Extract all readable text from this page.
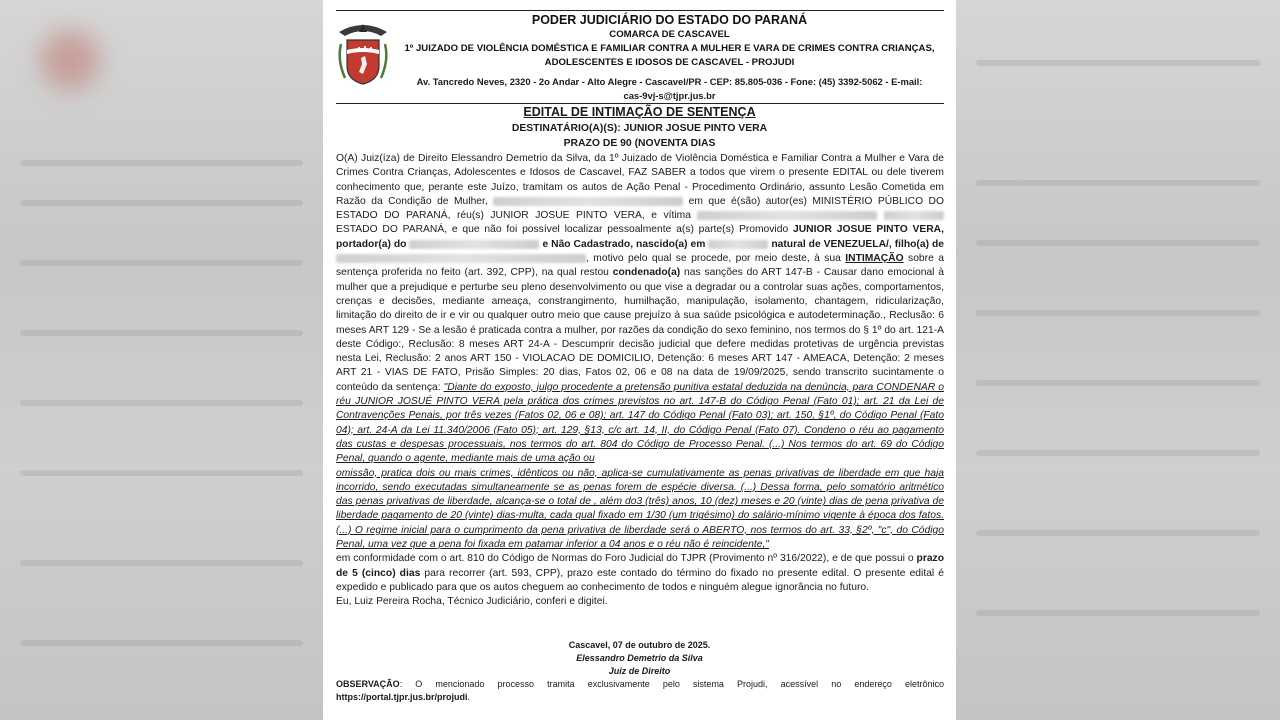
PODER JUDICIÁRIO DO ESTADO DO PARANÁ
COMARCA DE CASCAVEL
1º JUIZADO DE VIOLÊNCIA DOMÉSTICA E FAMILIAR CONTRA A MULHER E VARA DE CRIMES CONTRA CRIANÇAS,
ADOLESCENTES E IDOSOS DE CASCAVEL - PROJUDI
Av. Tancredo Neves, 2320 - 2o Andar - Alto Alegre - Cascavel/PR - CEP: 85.805-036 - Fone: (45) 3392-5062 - E-mail:
cas-9vj-s@tjpr.jus.br
EDITAL DE INTIMAÇÃO DE SENTENÇA
DESTINATÁRIO(A)(S): JUNIOR JOSUE PINTO VERA
PRAZO DE 90 (NOVENTA DIAS

O(A) Juiz(íza) de Direito Elessandro Demetrio da Silva, da 1º Juizado de Violência Doméstica e Familiar Contra a Mulher e Vara de Crimes Contra Crianças, Adolescentes e Idosos de Cascavel, FAZ SABER a todos que virem o presente EDITAL ou dele tiverem conhecimento que, perante este Juízo, tramitam os autos de Ação Penal - Procedimento Ordinário, assunto Lesão Cometida em Razão da Condição de Mulher,	em que é(são) autor(es) MINISTÉRIO PÚBLICO DO ESTADO DO PARANÁ, réu(s) JUNIOR JOSUE PINTO VERA, e vítima   ESTADO DO PARANÁ, e que não foi possível localizar pessoalmente a(s) parte(s) Promovido JUNIOR JOSUE PINTO VERA, portador(a) do	e Não Cadastrado, nascido(a) em	natural de VENEZUELA/, filho(a) de , motivo pelo qual se procede, por meio deste, à sua INTIMAÇÃO sobre a sentença proferida no feito (art. 392, CPP), na qual restou condenado(a) nas sanções do ART 147-B - Causar dano emocional à mulher que a prejudique e perturbe seu pleno desenvolvimento ou que vise a degradar ou a controlar suas ações, comportamentos, crenças e decisões, mediante ameaça, constrangimento, humilhação, manipulação, isolamento, chantagem, ridicularização, limitação do direito de ir e vir ou qualquer outro meio que cause prejuízo à sua saúde psicológica e autodeterminação., Reclusão: 6 meses ART 129 - Se a lesão é praticada contra a mulher, por razões da condição do sexo feminino, nos termos do § 1º do art. 121-A deste Código:, Reclusão: 8 meses ART 24-A - Descumprir decisão judicial que defere medidas protetivas de urgência previstas nesta Lei, Reclusão: 2 anos ART 150 - VIOLACAO DE DOMICILIO, Detenção: 6 meses ART 147 - AMEACA, Detenção: 2 meses ART 21 - VIAS DE FATO, Prisão Simples: 20 dias, Fatos 02, 06 e 08 na data de 19/09/2025, sendo transcrito sucintamente o conteúdo da sentença: "Diante do exposto, julgo procedente a pretensão punitiva estatal deduzida na denúncia, para CONDENAR o réu JUNIOR JOSUÉ PINTO VERA pela prática dos crimes previstos no art. 147-B do Código Penal (Fato 01); art. 21 da Lei de Contravenções Penais, por três vezes (Fatos 02, 06 e 08); art. 147 do Código Penal (Fato 03); art. 150, §1º, do Código Penal (Fato 04); art. 24-A da Lei 11.340/2006 (Fato 05); art. 129, §13, c/c art. 14, II, do Código Penal (Fato 07). Condeno o réu ao pagamento das custas e despesas processuais, nos termos do art. 804 do Código de Processo Penal. (...) Nos termos do art. 69 do Código Penal, quando o agente, mediante mais de uma ação ou

omissão, pratica dois ou mais crimes, idênticos ou não, aplica-se cumulativamente as penas privativas de liberdade em que haja incorrido, sendo executadas simultaneamente se as penas forem de espécie diversa. (...) Dessa forma, pelo somatório aritmético das penas privativas de liberdade, alcança-se o total de , além do3 (três) anos, 10 (dez) meses e 20 (vinte) dias de pena privativa de liberdade pagamento de 20 (vinte) dias-multa, cada qual fixado em 1/30 (um trigésimo) do salário-mínimo vigente à época dos fatos. (...) O regime inicial para o cumprimento da pena privativa de liberdade será o ABERTO, nos termos do art. 33, §2º, "c", do Código Penal, uma vez que a pena foi fixada em patamar inferior a 04 anos e o réu não é reincidente,"

em conformidade com o art. 810 do Código de Normas do Foro Judicial do TJPR (Provimento nº 316/2022), e de que possui o prazo de 5 (cinco) dias para recorrer (art. 593, CPP), prazo este contado do término do fixado no presente edital. O presente edital é expedido e publicado para que os autos cheguem ao conhecimento de todos e ninguém alegue ignorância no futuro.

Eu, Luiz Pereira Rocha, Técnico Judiciário, conferi e digitei.

Cascavel, 07 de outubro de 2025.
Elessandro Demetrio da Silva
Juiz de Direito
OBSERVAÇÃO: O mencionado processo tramita exclusivamente pelo sistema Projudi, acessível no endereço eletrônico https://portal.tjpr.jus.br/projudi.
